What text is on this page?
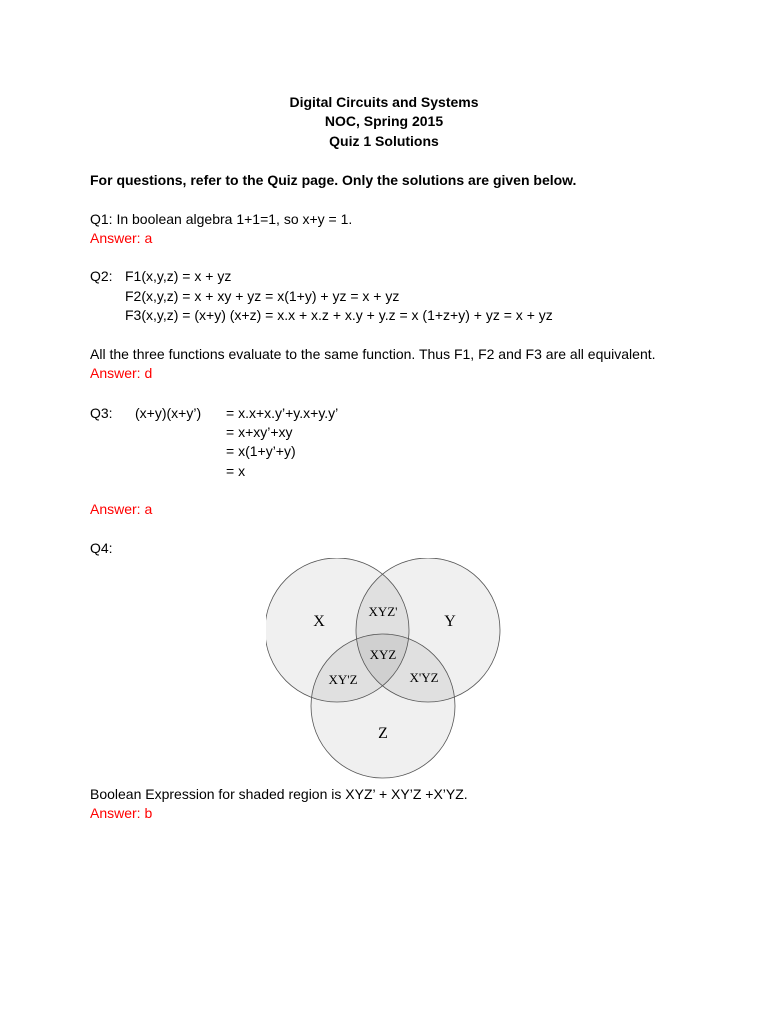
Digital Circuits and Systems
NOC, Spring 2015
Quiz 1 Solutions
For questions, refer to the Quiz page. Only the solutions are given below.
Q1: In boolean algebra 1+1=1, so x+y = 1.
Answer: a
Q2: F1(x,y,z) = x + yz
F2(x,y,z) = x + xy + yz = x(1+y) + yz = x + yz
F3(x,y,z) = (x+y) (x+z) = x.x + x.z + x.y + y.z = x (1+z+y) + yz = x + yz
All the three functions evaluate to the same function. Thus F1, F2 and F3 are all equivalent.
Answer: d
Q3: (x+y)(x+y’) = x.x+x.y’+y.x+y.y’
= x+xy’+xy
= x(1+y’+y)
= x
Answer: a
Q4:
X	Y
Z
XYZ'
XYZ
XY'Z	X'YZ
Boolean Expression for shaded region is XYZ’ + XY’Z +X’YZ.
Answer: b
